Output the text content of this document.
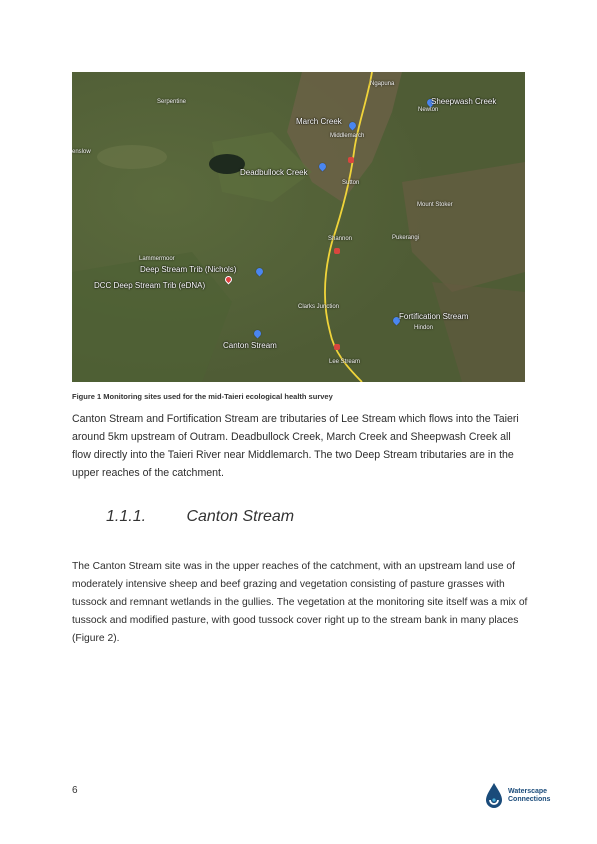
Ngapuna
Serpentine
Newton
Middlemarch
enslow
Sutton
Mount Stoker
Pukerangi
Shannon
Lammermoor
Clarks Junction
Hindon
Lee Stream
Sheepwash Creek
March Creek
Deadbullock Creek
Deep Stream Trib (Nichols)
DCC Deep Stream Trib (eDNA)
Fortification Stream
Canton Stream
Figure 1 Monitoring sites used for the mid-Taieri ecological health survey
Canton Stream and Fortification Stream are tributaries of Lee Stream which flows into the Taieri around 5km upstream of Outram. Deadbullock Creek, March Creek and Sheepwash Creek all flow directly into the Taieri River near Middlemarch. The two Deep Stream tributaries are in the upper reaches of the catchment.
1.1.1.	Canton Stream
The Canton Stream site was in the upper reaches of the catchment, with an upstream land use of moderately intensive sheep and beef grazing and vegetation consisting of pasture grasses with tussock and remnant wetlands in the gullies. The vegetation at the monitoring site itself was a mix of tussock and modified pasture, with good tussock cover right up to the stream bank in many places (Figure 2).
6	Waterscape
Connections
